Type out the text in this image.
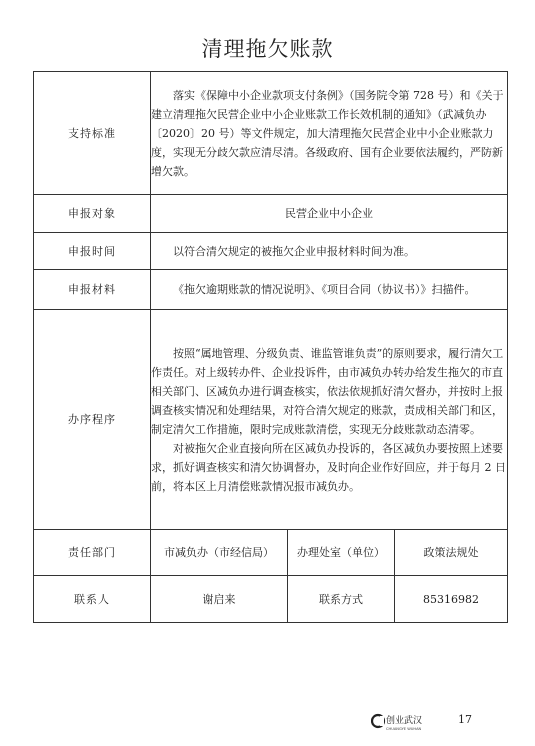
清理拖欠账款
支持标准	落实《保障中小企业款项支付条例》（国务院令第 728 号）和《关于建立清理拖欠民营企业中小企业账款工作长效机制的通知》（武减负办〔2020〕20 号）等文件规定，加大清理拖欠民营企业中小企业账款力度，实现无分歧欠款应清尽清。各级政府、国有企业要依法履约，严防新增欠款。		

申报对象	民营企业中小企业		
申报时间	以符合清欠规定的被拖欠企业申报材料时间为准。		

申报材料	《拖欠逾期账款的情况说明》、《项目合同（协议书）》扫描件。		

办序程序	按照“属地管理、分级负责、谁监管谁负责”的原则要求，履行清欠工作责任。对上级转办件、企业投诉件，由市减负办转办给发生拖欠的市直相关部门、区减负办进行调查核实，依法依规抓好清欠督办，并按时上报调查核实情况和处理结果，对符合清欠规定的账款，责成相关部门和区，制定清欠工作措施，限时完成账款清偿，实现无分歧账款动态清零。

对被拖欠企业直接向所在区减负办投诉的，各区减负办要按照上述要求，抓好调查核实和清欠协调督办，及时向企业作好回应，并于每月 2 日前，将本区上月清偿账款情况报市减负办。		

责任部门	市减负办（市经信局）	办理处室（单位）	政策法规处
联系人	谢启来	联系方式	85316982
创业武汉
CHUANGYE WUHAN
17
